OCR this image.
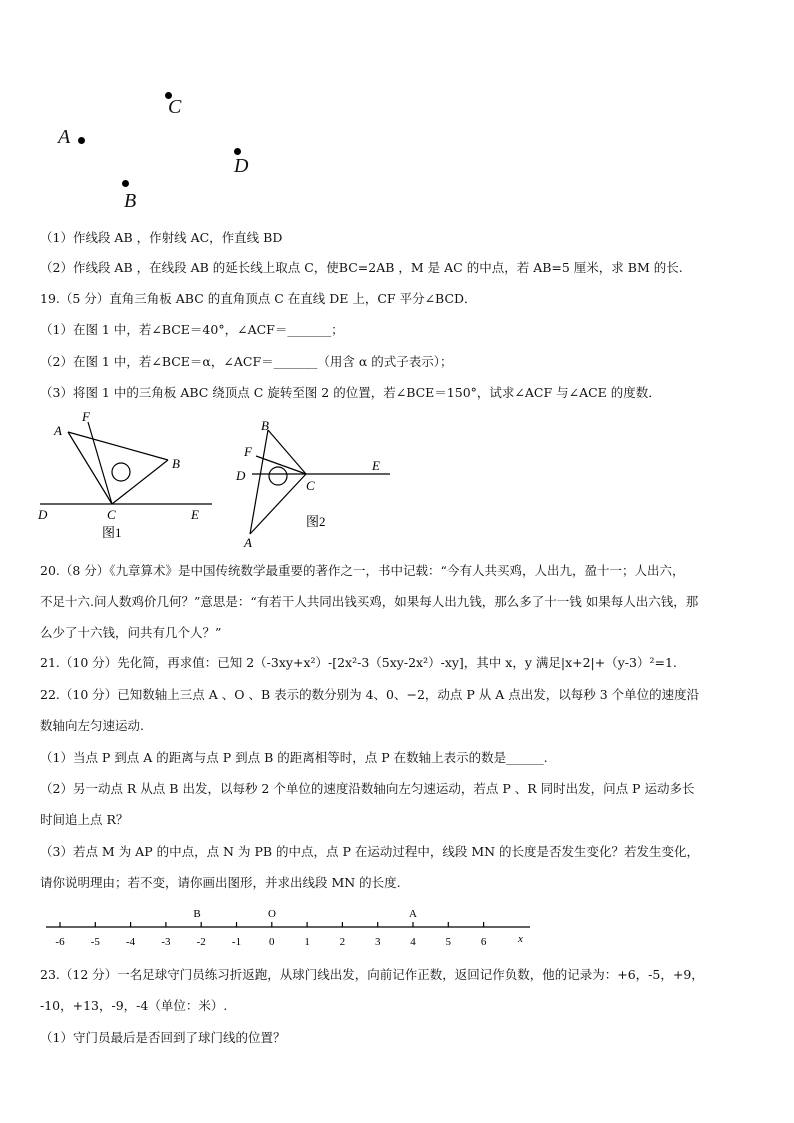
C
A
D
B
（1）作线段 AB ，作射线 AC，作直线 BD
（2）作线段 AB ，在线段 AB 的延长线上取点 C，使BC=2AB ，M 是 AC 的中点，若 AB=5 厘米，求 BM 的长.
19.（5 分）直角三角板 ABC 的直角顶点 C 在直线 DE 上，CF 平分∠BCD．
（1）在图 1 中，若∠BCE＝40°，∠ACF＝_______；
（2）在图 1 中，若∠BCE＝α，∠ACF＝_______（用含 α 的式子表示）；
（3）将图 1 中的三角板 ABC 绕顶点 C 旋转至图 2 的位置，若∠BCE＝150°，试求∠ACF 与∠ACE 的度数．
A
F
B
D	C	E
图1
B
F
D
C
E
A
图2
20.（8 分）《九章算术》是中国传统数学最重要的著作之一，书中记载：“今有人共买鸡，人出九，盈十一；人出六，
不足十六.问人数鸡价几何？”意思是：“有若干人共同出钱买鸡，如果每人出九钱，那么多了十一钱 如果每人出六钱，那
么少了十六钱，问共有几个人？”
21.（10 分）先化简，再求值：已知 2（-3xy+x²）-[2x²-3（5xy-2x²）-xy]，其中 x，y 满足|x+2|+（y-3）²=1.
22.（10 分）已知数轴上三点 A 、O 、B 表示的数分别为 4、0、−2，动点 P 从 A 点出发，以每秒 3 个单位的速度沿
数轴向左匀速运动.
（1）当点 P 到点 A 的距离与点 P 到点 B 的距离相等时，点 P 在数轴上表示的数是______.
（2）另一动点 R 从点 B 出发，以每秒 2 个单位的速度沿数轴向左匀速运动，若点 P 、R 同时出发，问点 P 运动多长
时间追上点 R？
（3）若点 M 为 AP 的中点，点 N 为 PB 的中点，点 P 在运动过程中，线段 MN 的长度是否发生变化？若发生变化，
请你说明理由；若不变，请你画出图形，并求出线段 MN 的长度.
-6 -5 -4 -3 -2 -1	0	1	2	3	4	5	6
B	O	A
x
23.（12 分）一名足球守门员练习折返跑，从球门线出发，向前记作正数，返回记作负数，他的记录为：+6，-5，+9，
-10，+13，-9，-4（单位：米）.
（1）守门员最后是否回到了球门线的位置？
